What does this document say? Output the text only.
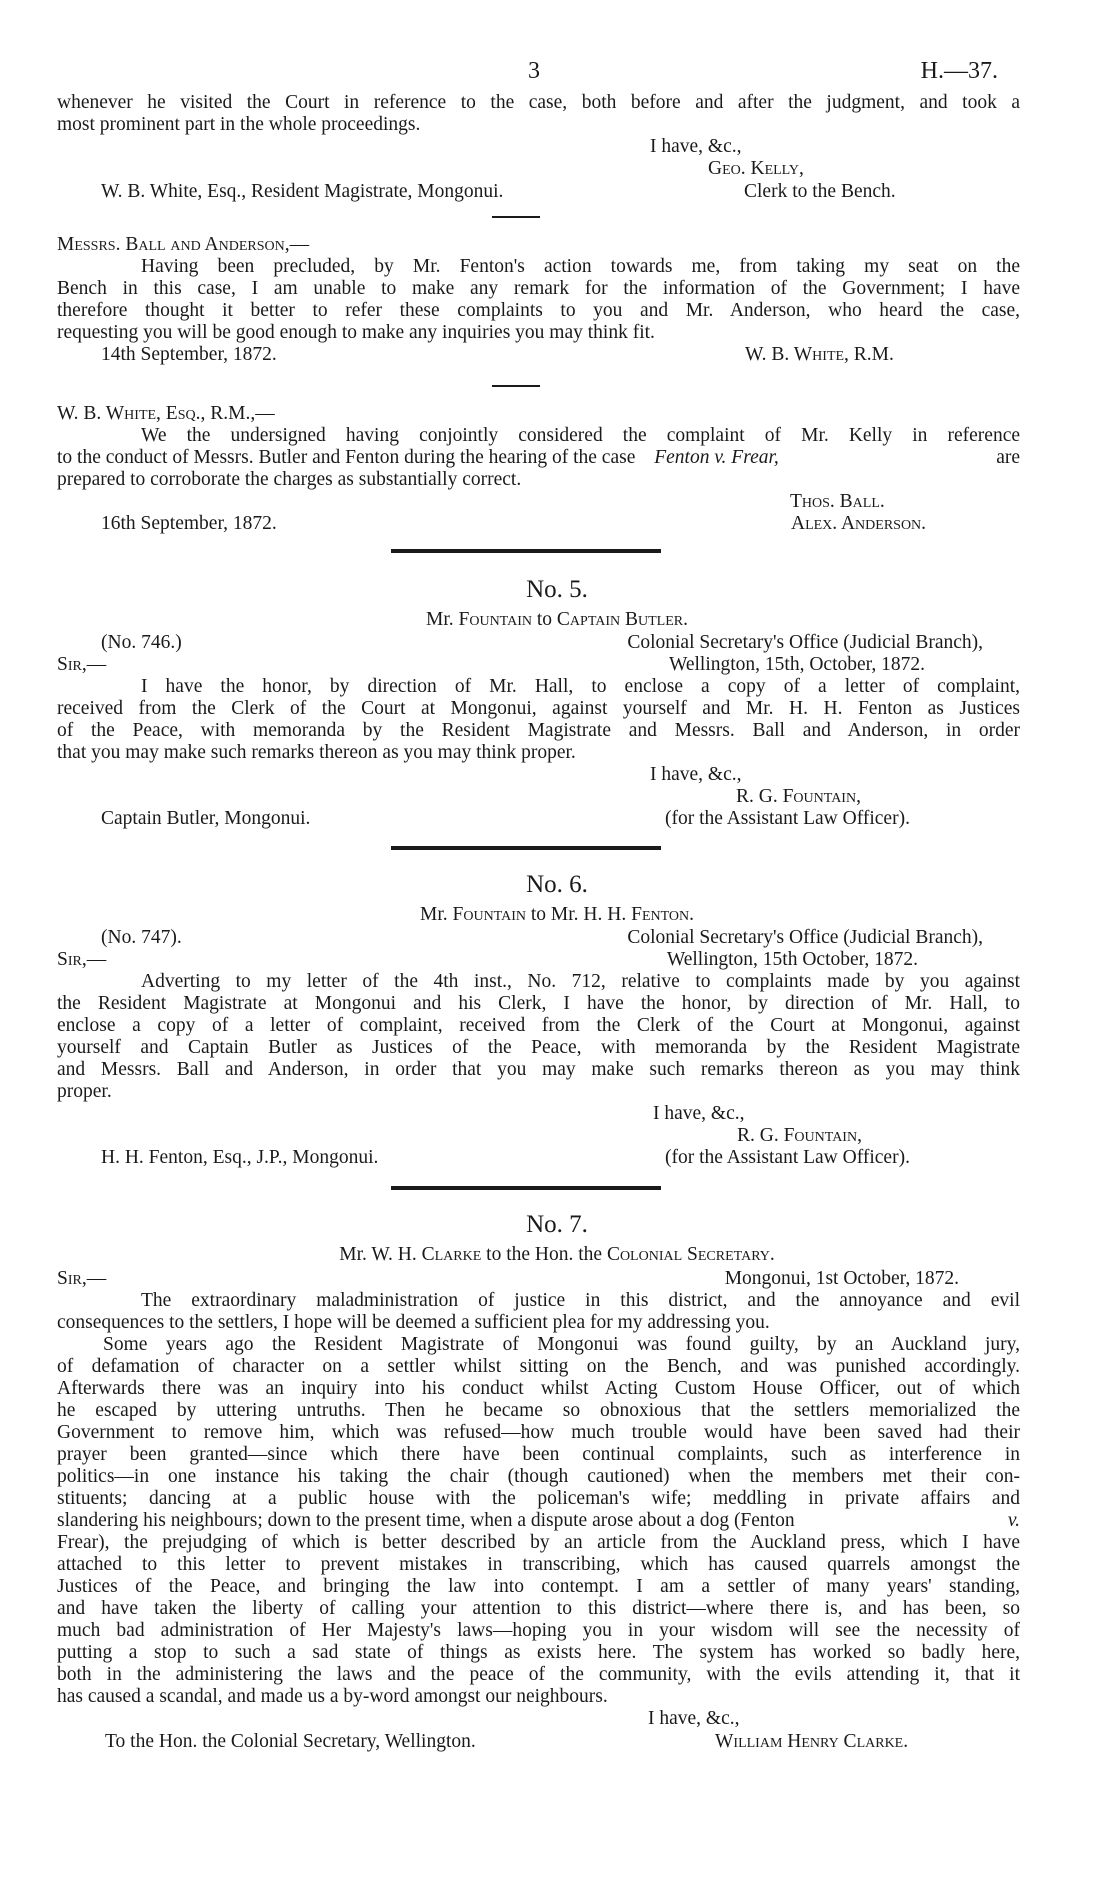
3	H.—37.
whenever he visited the Court in reference to the case, both before and after the judgment, and took a
most prominent part in the whole proceedings.
I have, &c.,
Geo. Kelly,
W. B. White, Esq., Resident Magistrate, Mongonui.	Clerk to the Bench.
Messrs. Ball and Anderson,—
Having been precluded, by Mr. Fenton's action towards me, from taking my seat on the
Bench in this case, I am unable to make any remark for the information of the Government; I have
therefore thought it better to refer these complaints to you and Mr. Anderson, who heard the case,
requesting you will be good enough to make any inquiries you may think fit.
14th September, 1872.	W. B. White, R.M.
W. B. White, Esq., R.M.,—
We the undersigned having conjointly considered the complaint of Mr. Kelly in reference
to the conduct of Messrs. Butler and Fenton during the hearing of the case Fenton v. Frear,	are
prepared to corroborate the charges as substantially correct.
Thos. Ball.
16th September, 1872.	Alex. Anderson.
No. 5.
Mr. Fountain to Captain Butler.
(No. 746.)	Colonial Secretary's Office (Judicial Branch),
Sir,—	Wellington, 15th, October, 1872.
I have the honor, by direction of Mr. Hall, to enclose a copy of a letter of complaint,
received from the Clerk of the Court at Mongonui, against yourself and Mr. H. H. Fenton as Justices
of the Peace, with memoranda by the Resident Magistrate and Messrs. Ball and Anderson, in order
that you may make such remarks thereon as you may think proper.
I have, &c.,
R. G. Fountain,
Captain Butler, Mongonui.	(for the Assistant Law Officer).
No. 6.
Mr. Fountain to Mr. H. H. Fenton.
(No. 747).	Colonial Secretary's Office (Judicial Branch),
Sir,—	Wellington, 15th October, 1872.
Adverting to my letter of the 4th inst., No. 712, relative to complaints made by you against
the Resident Magistrate at Mongonui and his Clerk, I have the honor, by direction of Mr. Hall, to
enclose a copy of a letter of complaint, received from the Clerk of the Court at Mongonui, against
yourself and Captain Butler as Justices of the Peace, with memoranda by the Resident Magistrate
and Messrs. Ball and Anderson, in order that you may make such remarks thereon as you may think
proper.
I have, &c.,
R. G. Fountain,
H. H. Fenton, Esq., J.P., Mongonui.	(for the Assistant Law Officer).
No. 7.
Mr. W. H. Clarke to the Hon. the Colonial Secretary.
Sir,—	Mongonui, 1st October, 1872.
The extraordinary maladministration of justice in this district, and the annoyance and evil
consequences to the settlers, I hope will be deemed a sufficient plea for my addressing you.
Some years ago the Resident Magistrate of Mongonui was found guilty, by an Auckland jury,
of defamation of character on a settler whilst sitting on the Bench, and was punished accordingly.
Afterwards there was an inquiry into his conduct whilst Acting Custom House Officer, out of which
he escaped by uttering untruths. Then he became so obnoxious that the settlers memorialized the
Government to remove him, which was refused—how much trouble would have been saved had their
prayer been granted—since which there have been continual complaints, such as interference in
politics—in one instance his taking the chair (though cautioned) when the members met their con-
stituents; dancing at a public house with the policeman's wife; meddling in private affairs and
slandering his neighbours; down to the present time, when a dispute arose about a dog (Fenton	v.
Frear), the prejudging of which is better described by an article from the Auckland press, which I have
attached to this letter to prevent mistakes in transcribing, which has caused quarrels amongst the
Justices of the Peace, and bringing the law into contempt. I am a settler of many years' standing,
and have taken the liberty of calling your attention to this district—where there is, and has been, so
much bad administration of Her Majesty's laws—hoping you in your wisdom will see the necessity of
putting a stop to such a sad state of things as exists here. The system has worked so badly here,
both in the administering the laws and the peace of the community, with the evils attending it, that it
has caused a scandal, and made us a by-word amongst our neighbours.
I have, &c.,
To the Hon. the Colonial Secretary, Wellington.	William Henry Clarke.
